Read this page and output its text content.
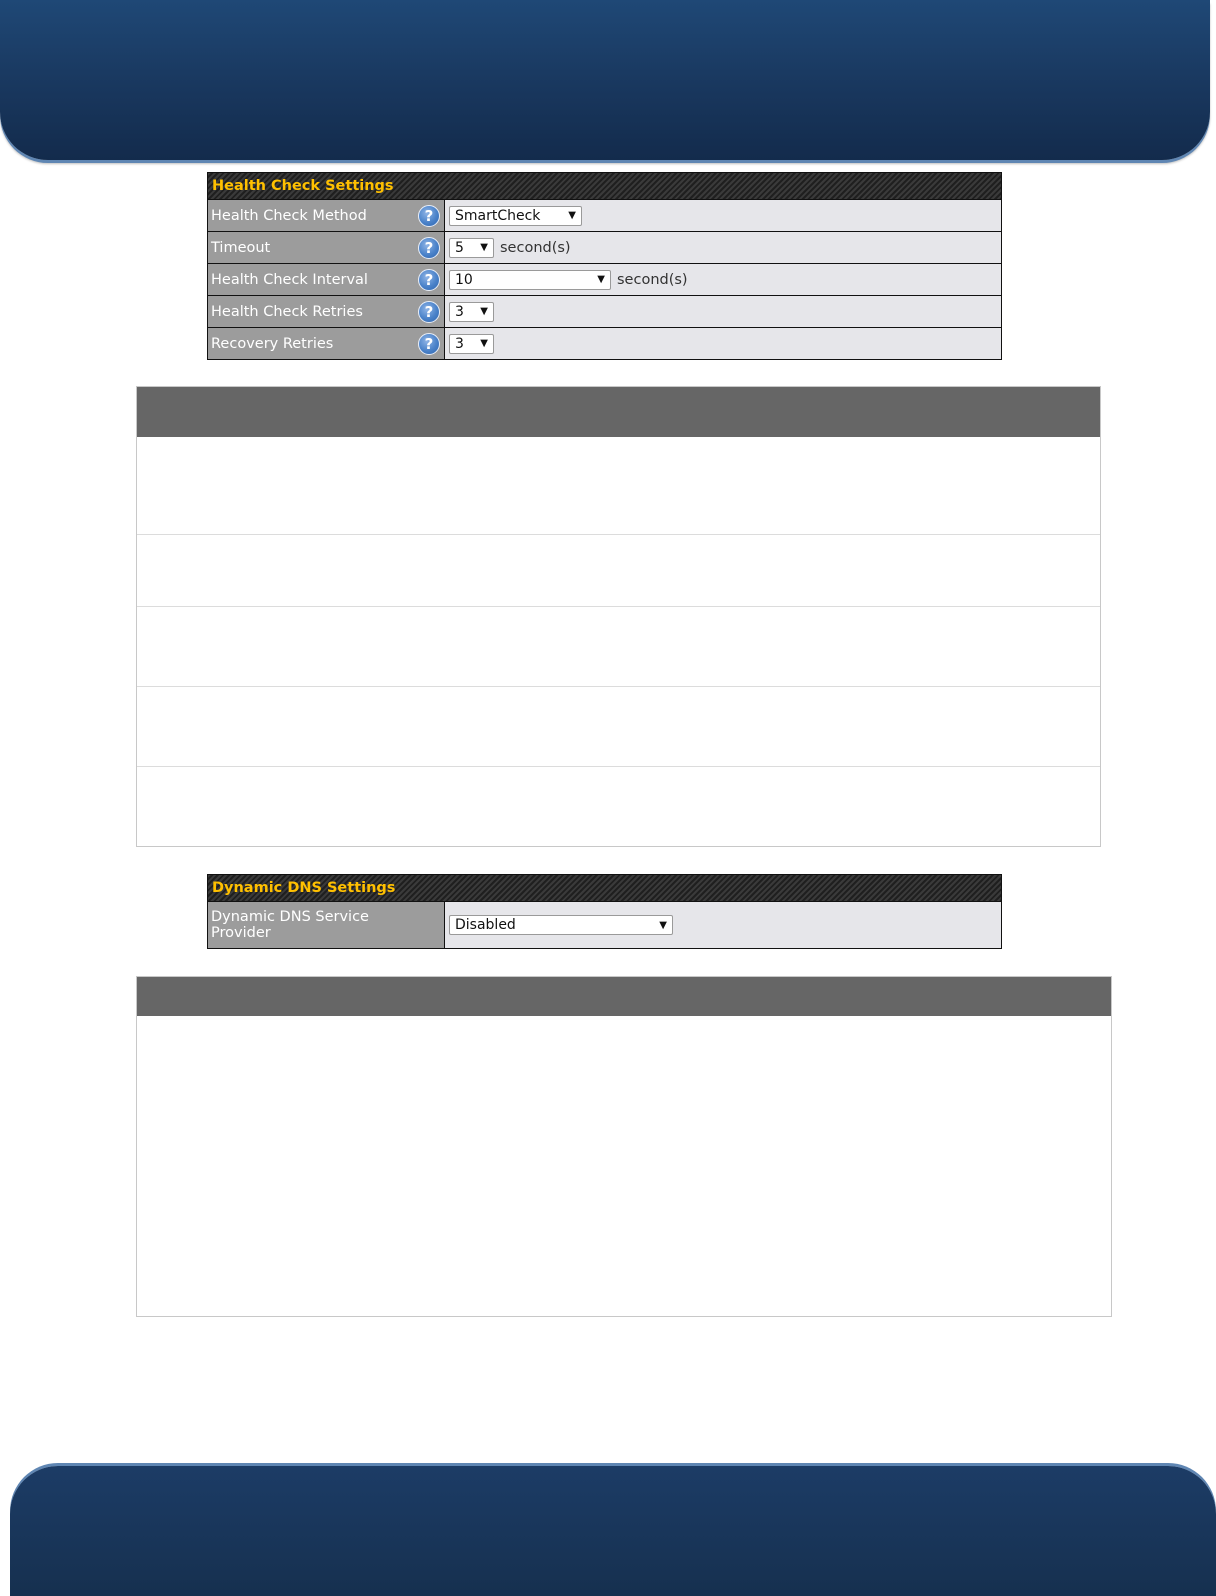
Health Check Settings
Health Check Method	?	SmartCheck	▼
Timeout	?	5 ▼ second(s)
Health Check Interval	?	10	▼ second(s)
Health Check Retries	?	3 ▼
Recovery Retries	?	3 ▼
Dynamic DNS Settings
Dynamic DNS Service Provider	Disabled	▼
